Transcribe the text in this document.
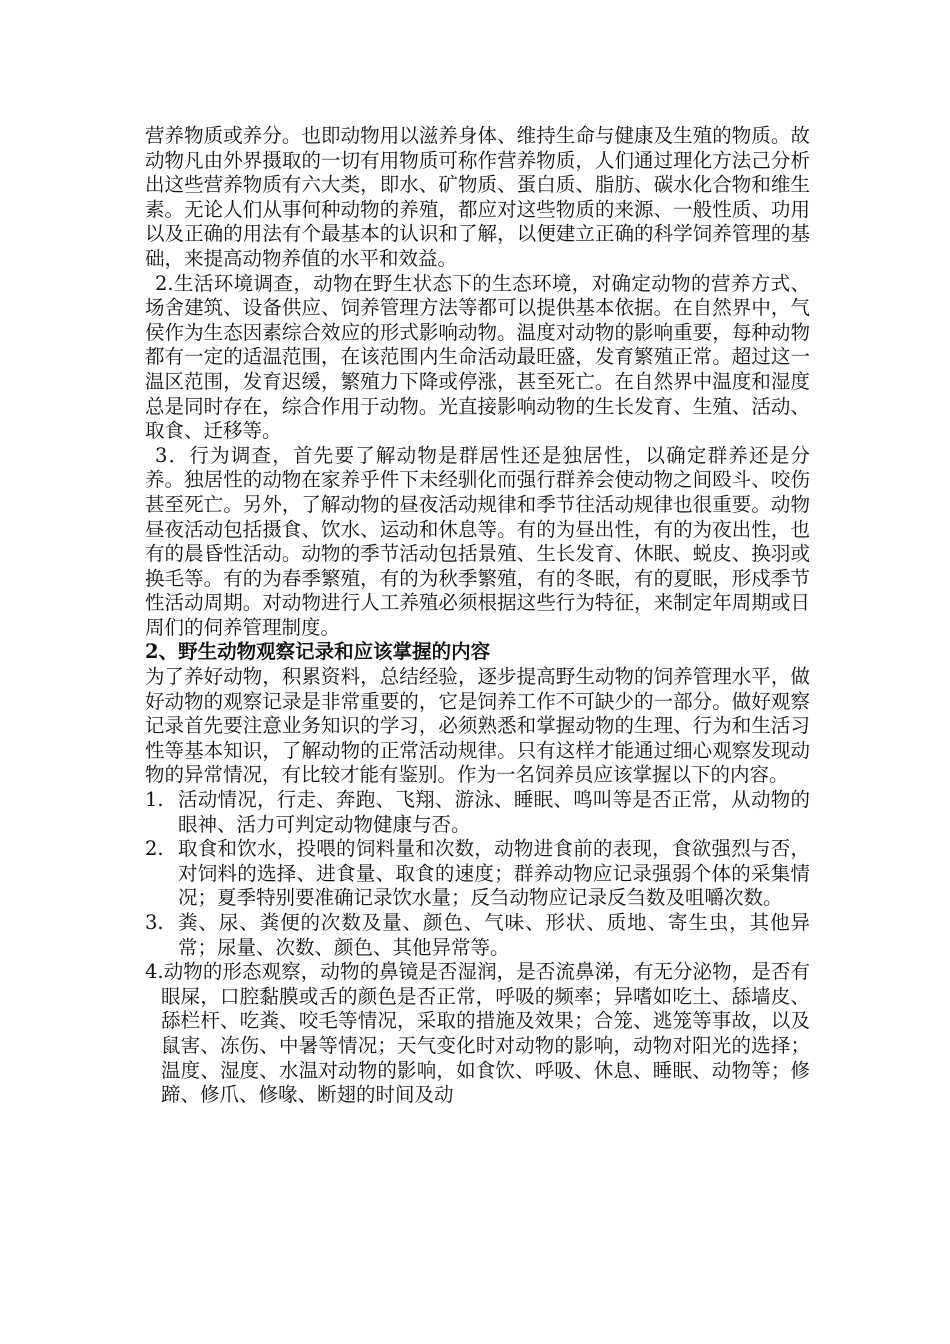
营养物质或养分。也即动物用以滋养身体、维持生命与健康及生殖的物质。故动物凡由外界摄取的一切有用物质可称作营养物质，人们通过理化方法己分析出这些营养物质有六大类，即水、矿物质、蛋白质、脂肪、碳水化合物和维生素。无论人们从事何种动物的养殖，都应对这些物质的来源、一般性质、功用以及正确的用法有个最基本的认识和了解，以便建立正确的科学饲养管理的基础，来提高动物养值的水平和效益。

2.生活环境调查，动物在野生状态下的生态环境，对确定动物的营养方式、场舍建筑、设备供应、饲养管理方法等都可以提供基本依据。在自然界中，气侯作为生态因素综合效应的形式影响动物。温度对动物的影响重要，每种动物都有一定的适温范围，在该范围内生命活动最旺盛，发育繁殖正常。超过这一温区范围，发育迟缓，繁殖力下降或停涨，甚至死亡。在自然界中温度和湿度总是同时存在，综合作用于动物。光直接影响动物的生长发育、生殖、活动、取食、迁移等。

3．行为调查，首先要了解动物是群居性还是独居性，以确定群养还是分养。独居性的动物在家养乎件下未经驯化而强行群养会使动物之间殴斗、咬伤甚至死亡。另外，了解动物的昼夜活动规律和季节往活动规律也很重要。动物昼夜活动包括摄食、饮水、运动和休息等。有的为昼出性，有的为夜出性，也有的晨昏性活动。动物的季节活动包括景殖、生长发育、休眠、蜕皮、换羽或换毛等。有的为春季繁殖，有的为秋季繁殖，有的冬眠，有的夏眠，形戍季节性活动周期。对动物进行人工养殖必须根据这些行为特征，来制定年周期或日周们的伺养管理制度。

2、野生动物观察记录和应该掌握的内容

为了养好动物，积累资料，总结经验，逐步提高野生动物的饲养管理水平，做好动物的观察记录是非常重要的，它是饲养工作不可缺少的一部分。做好观察记录首先要注意业务知识的学习，必须熟悉和掌握动物的生理、行为和生活习性等基本知识，了解动物的正常活动规律。只有这样才能通过细心观察发现动物的异常情况，有比较才能有鉴别。作为一名饲养员应该掌握以下的内容。

1. 活动情况，行走、奔跑、飞翔、游泳、睡眠、鸣叫等是否正常，从动物的眼神、活力可判定动物健康与否。
2. 取食和饮水，投喂的饲料量和次数，动物进食前的表现，食欲强烈与否，对饲料的选择、进食量、取食的速度；群养动物应记录强弱个体的采集情况；夏季特别要准确记录饮水量；反刍动物应记录反刍数及咀嚼次数。
3. 粪、尿、粪便的次数及量、颜色、气味、形状、质地、寄生虫，其他异常；尿量、次数、颜色、其他异常等。

4.动物的形态观察，动物的鼻镜是否湿润，是否流鼻涕，有无分泌物，是否有眼屎，口腔黏膜或舌的颜色是否正常，呼吸的频率；异嗜如吃土、舔墙皮、舔栏杆、吃粪、咬毛等情况，采取的措施及效果；合笼、逃笼等事故，以及鼠害、冻伤、中暑等情况；天气变化时对动物的影响，动物对阳光的选择；温度、湿度、水温对动物的影响，如食饮、呼吸、休息、睡眠、动物等；修蹄、修爪、修喙、断翅的时间及动
